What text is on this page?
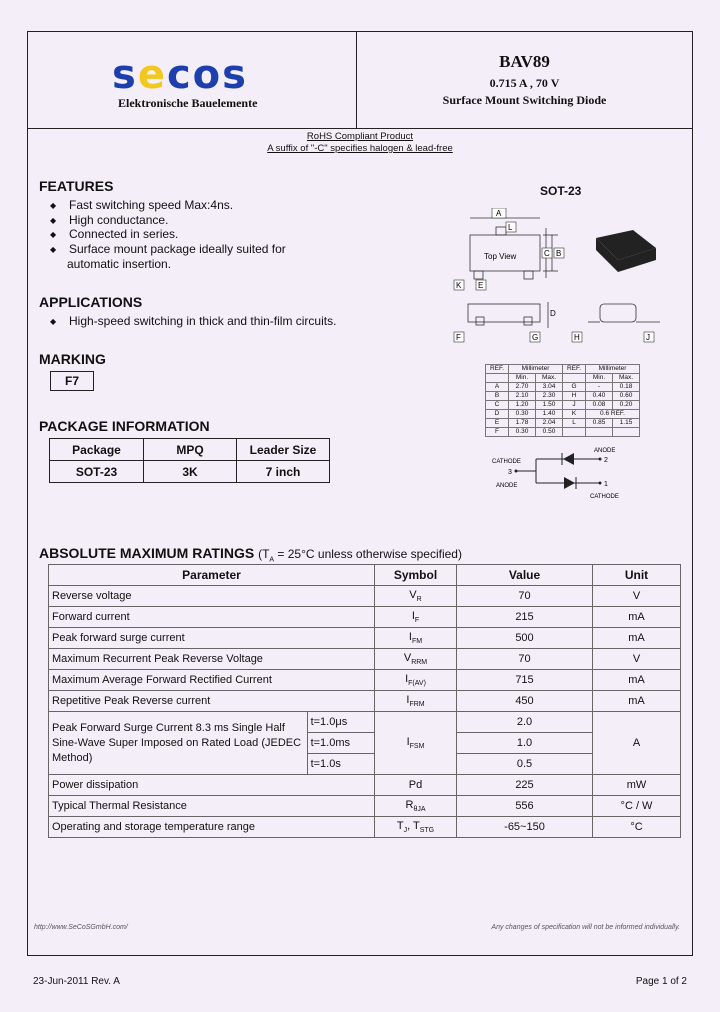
secos
Elektronische Bauelemente
BAV89
0.715 A , 70 V
Surface Mount Switching Diode
RoHS Compliant Product
A suffix of "-C" specifies halogen & lead-free
FEATURES
◆ Fast switching speed Max:4ns.
◆ High conductance.
◆ Connected in series.
◆ Surface mount package ideally suited for
automatic insertion.
APPLICATIONS
◆ High-speed switching in thick and thin-film circuits.
MARKING
F7
PACKAGE INFORMATION
Package	MPQ	Leader Size
SOT-23	3K	7 inch
SOT-23
A
B
C
D
E
F	G	H	J
K
L
Top View
REF.	Millimeter		REF.	Millimeter	
	Min.	Max.		Min.	Max.
A	2.70	3.04	G	-	0.18
B	2.10	2.30	H	0.40	0.60
C	1.20	1.50	J	0.08	0.20
D	0.30	1.40	K	0.6 REF.	
E	1.78	2.04	L	0.85	1.15
F	0.30	0.50			
CATHODE
3
ANODE
ANODE
2
1
CATHODE
ABSOLUTE MAXIMUM RATINGS ($T_A = 25^\circ C$ unless otherwise specified)
Parameter		Symbol	Value	Unit
Reverse voltage		$V_R$	70	V
Forward current		$I_F$	215	mA
Peak forward surge current		$I_{FM}$	500	mA
Maximum Recurrent Peak Reverse Voltage		$V_{RRM}$	70	V
Maximum Average Forward Rectified Current		$I_{F(AV)}$	715	mA
Repetitive Peak Reverse current		$I_{FRM}$	450	mA
Peak Forward Surge Current 8.3 ms Single Half
Sine-Wave Super Imposed on Rated Load (JEDEC
Method)	t=1.0μs	$I_{FSM}$	2.0	A
	t=1.0ms		1.0	
	t=1.0s		0.5	
Power dissipation		Pd	225	mW
Typical Thermal Resistance		$R_{\theta JA}$	556	°C / W
Operating and storage temperature range		$T_J$, $T_{STG}$	-65~150	°C
http://www.SeCoSGmbH.com/	Any changes of specification will not be informed individually.
23-Jun-2011 Rev. A	Page 1 of 2
